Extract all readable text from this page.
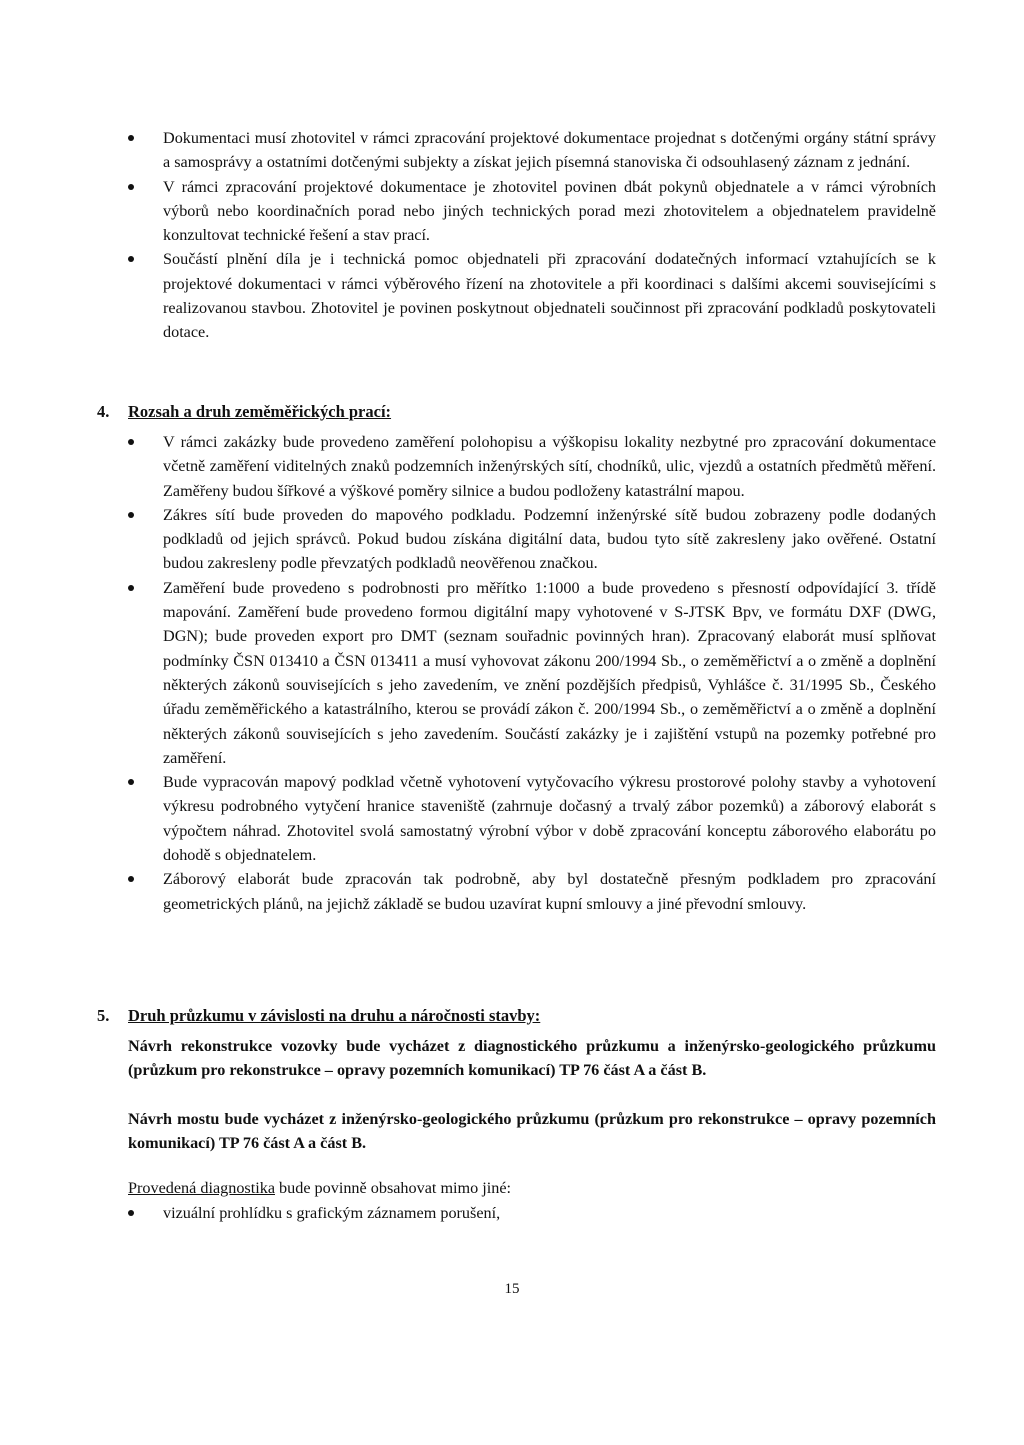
Dokumentaci musí zhotovitel v rámci zpracování projektové dokumentace projednat s dotčenými orgány státní správy a samosprávy a ostatními dotčenými subjekty a získat jejich písemná stanoviska či odsouhlasený záznam z jednání.
V rámci zpracování projektové dokumentace je zhotovitel povinen dbát pokynů objednatele a v rámci výrobních výborů nebo koordinačních porad nebo jiných technických porad mezi zhotovitelem a objednatelem pravidelně konzultovat technické řešení a stav prací.
Součástí plnění díla je i technická pomoc objednateli při zpracování dodatečných informací vztahujících se k projektové dokumentaci v rámci výběrového řízení na zhotovitele a při koordinaci s dalšími akcemi souvisejícími s realizovanou stavbou. Zhotovitel je povinen poskytnout objednateli součinnost při zpracování podkladů poskytovateli dotace.
4. Rozsah a druh zeměměřických prací:
V rámci zakázky bude provedeno zaměření polohopisu a výškopisu lokality nezbytné pro zpracování dokumentace včetně zaměření viditelných znaků podzemních inženýrských sítí, chodníků, ulic, vjezdů a ostatních předmětů měření. Zaměřeny budou šířkové a výškové poměry silnice a budou podloženy katastrální mapou.
Zákres sítí bude proveden do mapového podkladu. Podzemní inženýrské sítě budou zobrazeny podle dodaných podkladů od jejich správců. Pokud budou získána digitální data, budou tyto sítě zakresleny jako ověřené. Ostatní budou zakresleny podle převzatých podkladů neověřenou značkou.
Zaměření bude provedeno s podrobnosti pro měřítko 1:1000 a bude provedeno s přesností odpovídající 3. třídě mapování. Zaměření bude provedeno formou digitální mapy vyhotovené v S-JTSK Bpv, ve formátu DXF (DWG, DGN); bude proveden export pro DMT (seznam souřadnic povinných hran). Zpracovaný elaborát musí splňovat podmínky ČSN 013410 a ČSN 013411 a musí vyhovovat zákonu 200/1994 Sb., o zeměměřictví a o změně a doplnění některých zákonů souvisejících s jeho zavedením, ve znění pozdějších předpisů, Vyhlášce č. 31/1995 Sb., Českého úřadu zeměměřického a katastrálního, kterou se provádí zákon č. 200/1994 Sb., o zeměměřictví a o změně a doplnění některých zákonů souvisejících s jeho zavedením. Součástí zakázky je i zajištění vstupů na pozemky potřebné pro zaměření.
Bude vypracován mapový podklad včetně vyhotovení vytyčovacího výkresu prostorové polohy stavby a vyhotovení výkresu podrobného vytyčení hranice staveniště (zahrnuje dočasný a trvalý zábor pozemků) a záborový elaborát s výpočtem náhrad. Zhotovitel svolá samostatný výrobní výbor v době zpracování konceptu záborového elaborátu po dohodě s objednatelem.
Záborový elaborát bude zpracován tak podrobně, aby byl dostatečně přesným podkladem pro zpracování geometrických plánů, na jejichž základě se budou uzavírat kupní smlouvy a jiné převodní smlouvy.
5. Druh průzkumu v závislosti na druhu a náročnosti stavby:
Návrh rekonstrukce vozovky bude vycházet z diagnostického průzkumu a inženýrsko-geologického průzkumu (průzkum pro rekonstrukce – opravy pozemních komunikací) TP 76 část A a část B.
Návrh mostu bude vycházet z inženýrsko-geologického průzkumu (průzkum pro rekonstrukce – opravy pozemních komunikací) TP 76 část A a část B.
Provedená diagnostika bude povinně obsahovat mimo jiné:
vizuální prohlídku s grafickým záznamem porušení,
15
